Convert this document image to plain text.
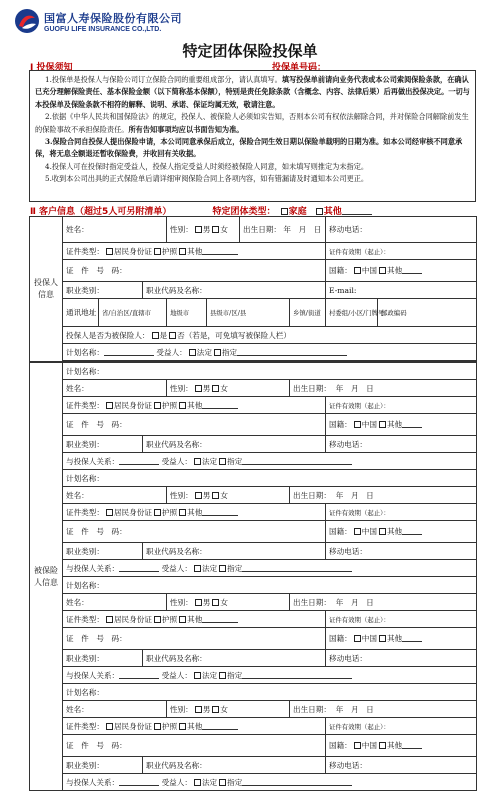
国富人寿保险股份有限公司
GUOFU LIFE INSURANCE CO.,LTD.
特定团体保险投保单
Ⅰ 投保须知	投保单号码：

1.投保单是投保人与保险公司订立保险合同的重要组成部分，请认真填写。填写投保单前请向业务代表或本公司索阅保险条款，在确认已充分理解保险责任、基本保险金额（以下简称基本保额），特别是责任免除条款（含概念、内容、法律后果）后再做出投保决定。一切与本投保单及保险条款不相符的解释、说明、承诺、保证均属无效，敬请注意。

2.依据《中华人民共和国保险法》的规定，投保人、被保险人必须如实告知，否则本公司有权依法解除合同，并对保险合同解除前发生的保险事故不承担保险责任。所有告知事项均应以书面告知为准。

3.保险合同自投保人提出保险申请，本公司同意承保后成立，保险合同生效日期以保险单载明的日期为准。如本公司经审核不同意承保，将无息全额退还暂收保险费，并收回有关收据。

4.投保人可在投保时指定受益人，投保人指定受益人时须经被保险人同意，如未填写则推定为未指定。

5.收到本公司出具的正式保险单后请详细审阅保险合同上各项内容，如有错漏请及时通知本公司更正。

Ⅱ 客户信息（超过5人可另附清单）	特定团体类型： 家庭 其他
投保人信息	姓名：			性别： 男 女		出生日期： 年　月　日		移动电话：	
	证件类型： 居民身份证 护照 其他							证件有效期（起止）：	
	证　件　号　码：							国籍： 中国 其他	
	职业类别：		职业代码及名称：					E-mail:	
	通讯地址	省/自治区/直辖市		地级市	县级市/区/县		乡镇/街道	村委组/小区/门牌号	邮政编码
	投保人是否为被保险人： 是 否（若是，可免填写被保险人栏）								
	计划名称： 受益人： 法定 指定								

被保险人信息	计划名称：				
	姓名：		性别： 男 女	出生日期： 年　月　日	
	证件类型： 居民身份证 护照 其他				证件有效期（起止）：
	证　件　号　码：				国籍： 中国 其他
	职业类别：	职业代码及名称：			移动电话：
	与投保人关系： 受益人： 法定 指定				
	计划名称：				
	姓名：		性别： 男 女	出生日期： 年　月　日	
	证件类型： 居民身份证 护照 其他				证件有效期（起止）：
	证　件　号　码：				国籍： 中国 其他
	职业类别：	职业代码及名称：			移动电话：
	与投保人关系： 受益人： 法定 指定				
	计划名称：				
	姓名：		性别： 男 女	出生日期： 年　月　日	
	证件类型： 居民身份证 护照 其他				证件有效期（起止）：
	证　件　号　码：				国籍： 中国 其他
	职业类别：	职业代码及名称：			移动电话：
	与投保人关系： 受益人： 法定 指定				
	计划名称：				
	姓名：		性别： 男 女	出生日期： 年　月　日	
	证件类型： 居民身份证 护照 其他				证件有效期（起止）：
	证　件　号　码：				国籍： 中国 其他
	职业类别：	职业代码及名称：			移动电话：
	与投保人关系： 受益人： 法定 指定				
